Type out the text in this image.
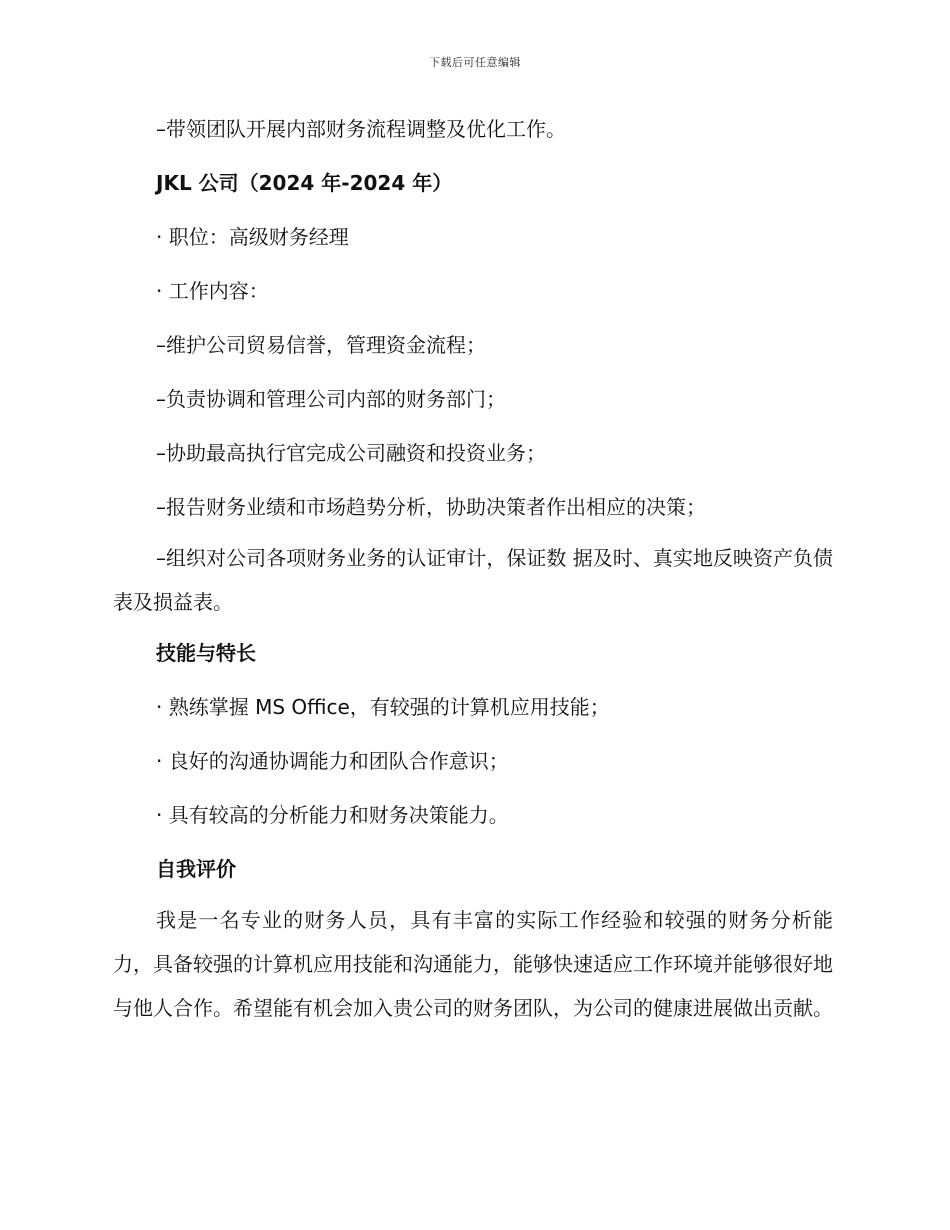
下载后可任意编辑

–带领团队开展内部财务流程调整及优化工作。

JKL 公司（2024 年-2024 年）

· 职位：高级财务经理

· 工作内容：

–维护公司贸易信誉，管理资金流程；

–负责协调和管理公司内部的财务部门；

–协助最高执行官完成公司融资和投资业务；

–报告财务业绩和市场趋势分析，协助决策者作出相应的决策；

–组织对公司各项财务业务的认证审计，保证数 据及时、真实地反映资产负债表及损益表。

技能与特长

· 熟练掌握 MS Office，有较强的计算机应用技能；

· 良好的沟通协调能力和团队合作意识；

· 具有较高的分析能力和财务决策能力。

自我评价

我是一名专业的财务人员，具有丰富的实际工作经验和较强的财务分析能力，具备较强的计算机应用技能和沟通能力，能够快速适应工作环境并能够很好地与他人合作。希望能有机会加入贵公司的财务团队，为公司的健康进展做出贡献。
